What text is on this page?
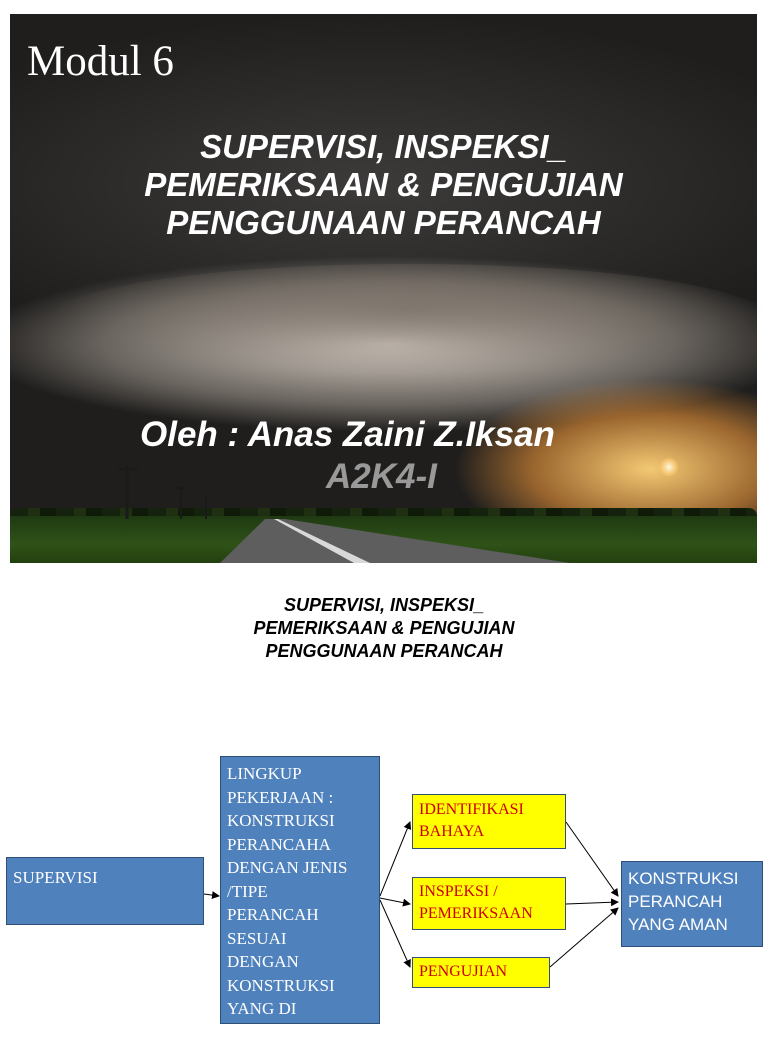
Modul 6
SUPERVISI, INSPEKSI_
PEMERIKSAAN & PENGUJIAN
PENGGUNAAN PERANCAH
Oleh : Anas Zaini Z.Iksan
A2K4-I
SUPERVISI, INSPEKSI_
PEMERIKSAAN & PENGUJIAN
PENGGUNAAN PERANCAH
SUPERVISI
LINGKUP
PEKERJAAN :
KONSTRUKSI
PERANCAHA
DENGAN JENIS
/TIPE
PERANCAH
SESUAI
DENGAN
KONSTRUKSI
YANG DI
TOPANG
IDENTIFIKASI BAHAYA
INSPEKSI / PEMERIKSAAN
PENGUJIAN
KONSTRUKSI PERANCAH YANG AMAN
